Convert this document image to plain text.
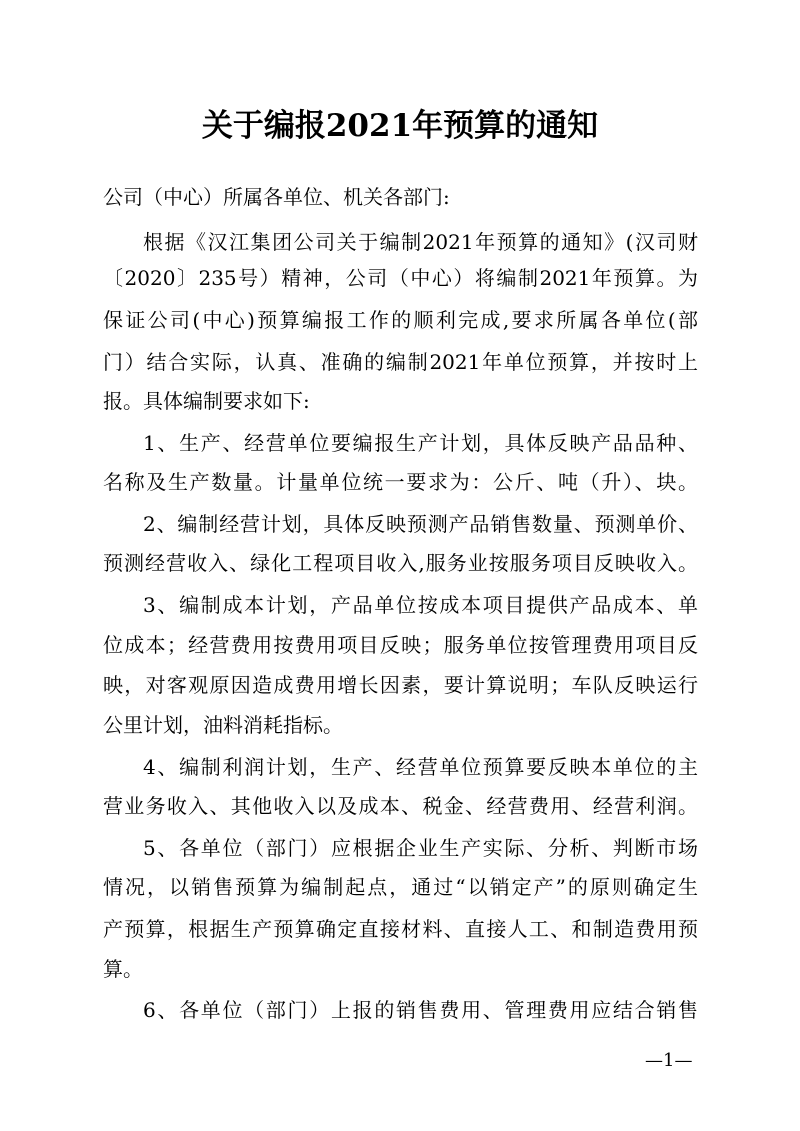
关于编报2021年预算的通知
公司（中心）所属各单位、机关各部门:
根据《汉江集团公司关于编制2021年预算的通知》(汉司财
〔2020〕235号）精神，公司（中心）将编制2021年预算。为
保证公司(中心)预算编报工作的顺利完成,要求所属各单位(部
门）结合实际，认真、准确的编制2021年单位预算，并按时上
报。具体编制要求如下:
1、生产、经营单位要编报生产计划，具体反映产品品种、
名称及生产数量。计量单位统一要求为：公斤、吨（升）、块。
2、编制经营计划，具体反映预测产品销售数量、预测单价、
预测经营收入、绿化工程项目收入,服务业按服务项目反映收入。
3、编制成本计划，产品单位按成本项目提供产品成本、单
位成本；经营费用按费用项目反映；服务单位按管理费用项目反
映，对客观原因造成费用增长因素，要计算说明；车队反映运行
公里计划，油料消耗指标。
4、编制利润计划，生产、经营单位预算要反映本单位的主
营业务收入、其他收入以及成本、税金、经营费用、经营利润。
5、各单位（部门）应根据企业生产实际、分析、判断市场
情况，以销售预算为编制起点，通过“以销定产”的原则确定生
产预算，根据生产预算确定直接材料、直接人工、和制造费用预
算。
6、各单位（部门）上报的销售费用、管理费用应结合销售
—1—
